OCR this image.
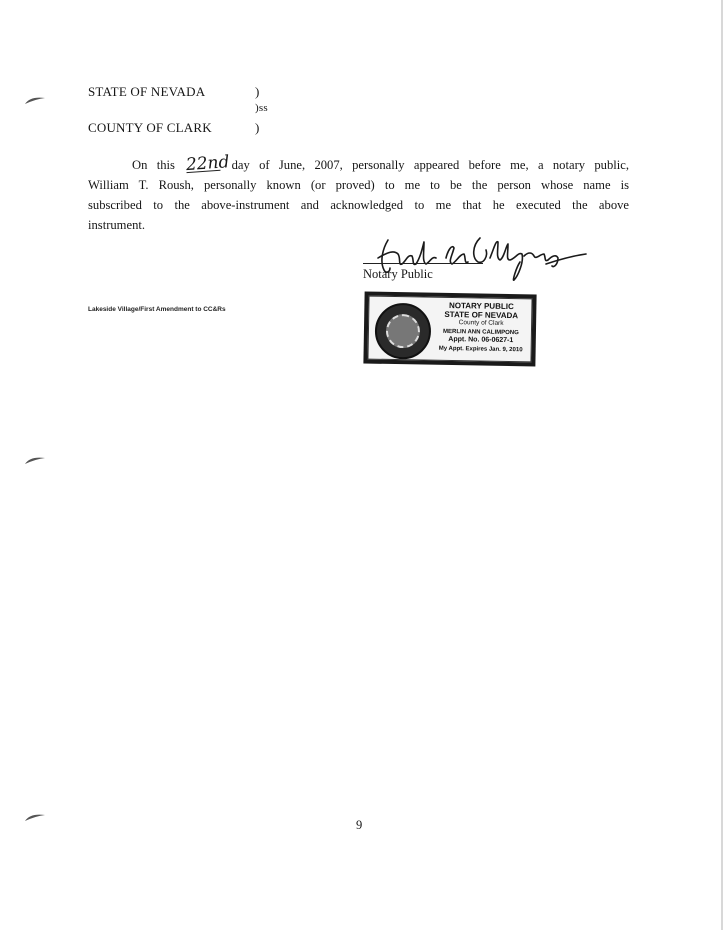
STATE OF NEVADA	)
)ss
COUNTY OF CLARK	)
On this 22nd day of June, 2007, personally appeared before me, a notary public,
William T. Roush, personally known (or proved) to me to be the person whose name is
subscribed to the above-instrument and acknowledged to me that he executed the above
instrument.
Notary Public
Lakeside Village/First Amendment to CC&Rs	NOTARY PUBLIC
STATE OF NEVADA
County of Clark
MERLIN ANN CALIMPONG
Appt. No. 06-0627-1
My Appt. Expires Jan. 9, 2010
9
